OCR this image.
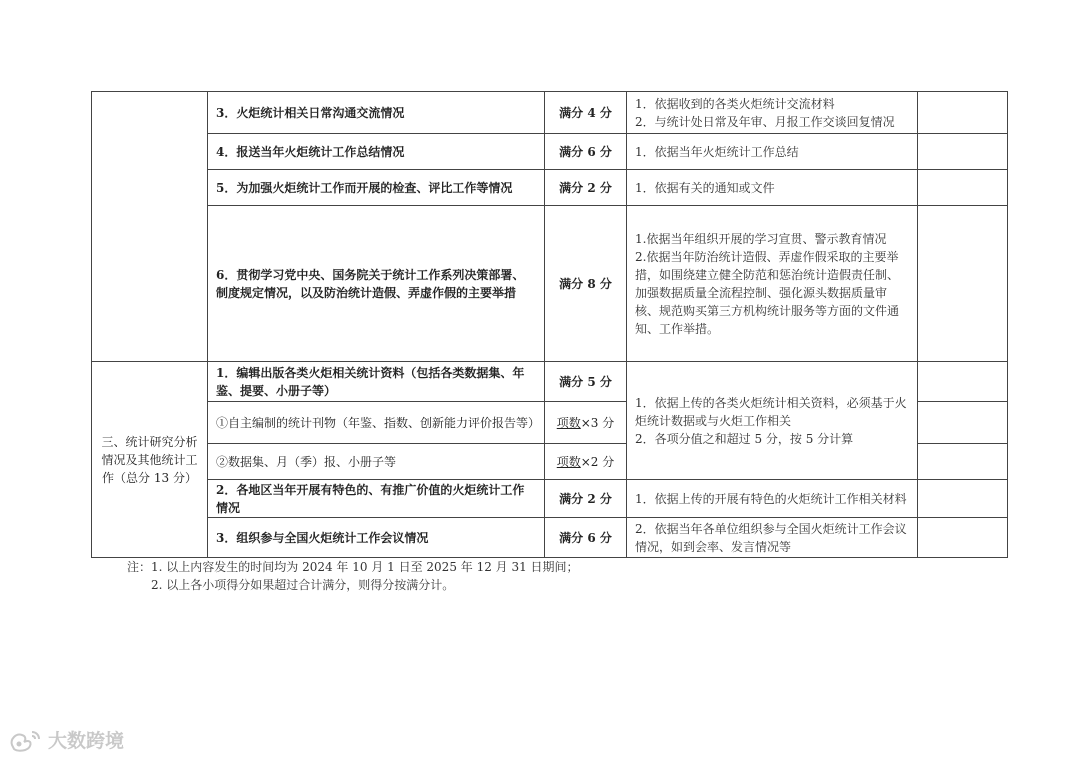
	3．火炬统计相关日常沟通交流情况	满分 4 分	1．依据收到的各类火炬统计交流材料
2．与统计处日常及年审、月报工作交谈回复情况	

	4．报送当年火炬统计工作总结情况	满分 6 分	1．依据当年火炬统计工作总结	

	5．为加强火炬统计工作而开展的检查、评比工作等情况	满分 2 分	1．依据有关的通知或文件	

	6．贯彻学习党中央、国务院关于统计工作系列决策部署、制度规定情况，以及防治统计造假、弄虚作假的主要举措	满分 8 分	1.依据当年组织开展的学习宣贯、警示教育情况
2.依据当年防治统计造假、弄虚作假采取的主要举措，如围绕建立健全防范和惩治统计造假责任制、加强数据质量全流程控制、强化源头数据质量审核、规范购买第三方机构统计服务等方面的文件通知、工作举措。	

三、统计研究分析情况及其他统计工作（总分 13 分）	1．编辑出版各类火炬相关统计资料（包括各类数据集、年鉴、提要、小册子等）	满分 5 分	1．依据上传的各类火炬统计相关资料，必须基于火炬统计数据或与火炬工作相关
2．各项分值之和超过 5 分，按 5 分计算	

	①自主编制的统计刊物（年鉴、指数、创新能力评价报告等）	项数×3 分		
	②数据集、月（季）报、小册子等	项数×2 分		
	2．各地区当年开展有特色的、有推广价值的火炬统计工作情况	满分 2 分	1．依据上传的开展有特色的火炬统计工作相关材料	

	3．组织参与全国火炬统计工作会议情况	满分 6 分	2．依据当年各单位组织参与全国火炬统计工作会议情况，如到会率、发言情况等	

注：1. 以上内容发生的时间均为 2024 年 10 月 1 日至 2025 年 12 月 31 日期间；
2. 以上各小项得分如果超过合计满分，则得分按满分计。
大数跨境
